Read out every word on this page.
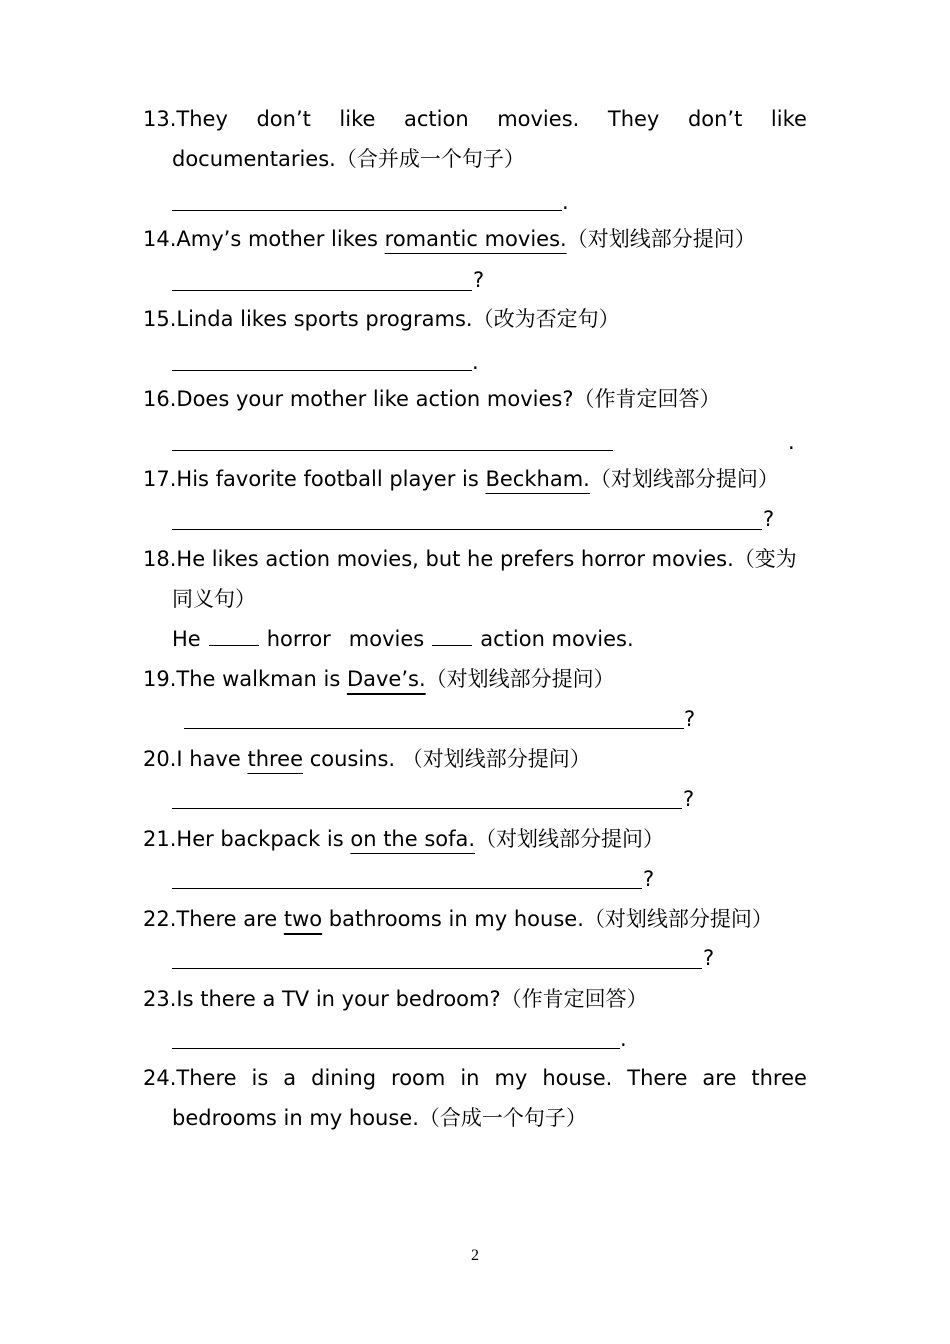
13.They don’t like action movies. They don’t like
documentaries.（合并成一个句子）
.
14.Amy’s mother likes romantic movies.（对划线部分提问）
?
15.Linda likes sports programs.（改为否定句）
.
16.Does your mother like action movies?（作肯定回答）
.
17.His favorite football player is Beckham.（对划线部分提问）
?
18.He likes action movies, but he prefers horror movies.（变为
同义句）
He	horror movies	action movies.
19.The walkman is Dave’s.（对划线部分提问）
?
20.I have three cousins. （对划线部分提问）
?
21.Her backpack is on the sofa.（对划线部分提问）
?
22.There are two bathrooms in my house.（对划线部分提问）
?
23.Is there a TV in your bedroom?（作肯定回答）
.
24.There is a dining room in my house. There are three
bedrooms in my house.（合成一个句子）
2
